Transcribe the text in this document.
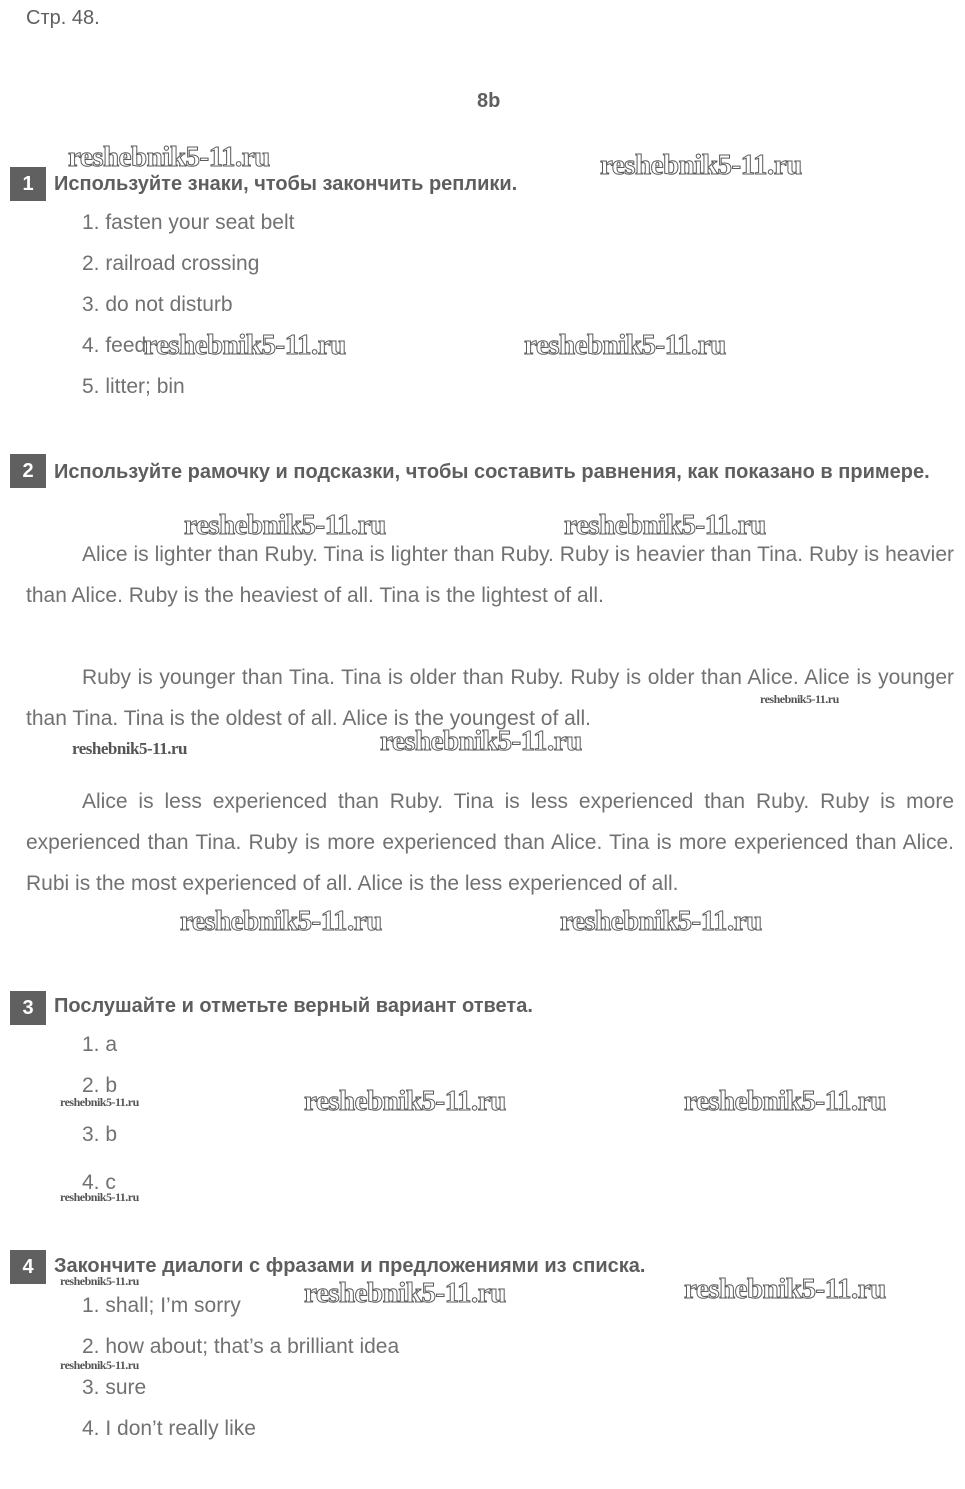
Стр. 48.
8b
1	Используйте знаки, чтобы закончить реплики.
1. fasten your seat belt
2. railroad crossing
3. do not disturb
4. feed
5. litter; bin
2	Используйте рамочку и подсказки, чтобы составить равнения, как показано в примере.
Alice is lighter than Ruby. Tina is lighter than Ruby. Ruby is heavier than Tina. Ruby is heavier than Alice. Ruby is the heaviest of all. Tina is the lightest of all.
Ruby is younger than Tina. Tina is older than Ruby. Ruby is older than Alice. Alice is younger than Tina. Tina is the oldest of all. Alice is the youngest of all.
Alice is less experienced than Ruby. Tina is less experienced than Ruby. Ruby is more experienced than Tina. Ruby is more experienced than Alice. Tina is more experienced than Alice. Rubi is the most experienced of all. Alice is the less experienced of all.
3	Послушайте и отметьте верный вариант ответа.
1. a
2. b
3. b
4. c
4	Закончите диалоги с фразами и предложениями из списка.
1. shall; I’m sorry
2. how about; that’s a brilliant idea
3. sure
4. I don’t really like
reshebnik5-11.ru	reshebnik5-11.ru
reshebnik5-11.ru	reshebnik5-11.ru
reshebnik5-11.ru	reshebnik5-11.ru
reshebnik5-11.ru
reshebnik5-11.ru	reshebnik5-11.ru
reshebnik5-11.ru	reshebnik5-11.ru
reshebnik5-11.ru	reshebnik5-11.ru	reshebnik5-11.ru
reshebnik5-11.ru
reshebnik5-11.ru	reshebnik5-11.ru	reshebnik5-11.ru
reshebnik5-11.ru
